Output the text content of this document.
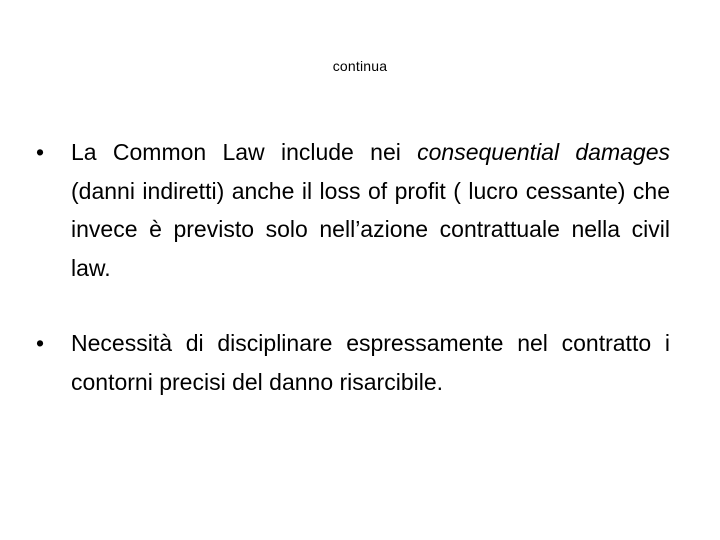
continua
• La Common Law include nei consequential damages (danni indiretti) anche il loss of profit ( lucro cessante) che invece è previsto solo nell’azione contrattuale nella civil law.
• Necessità di disciplinare espressamente nel contratto i contorni precisi del danno risarcibile.
